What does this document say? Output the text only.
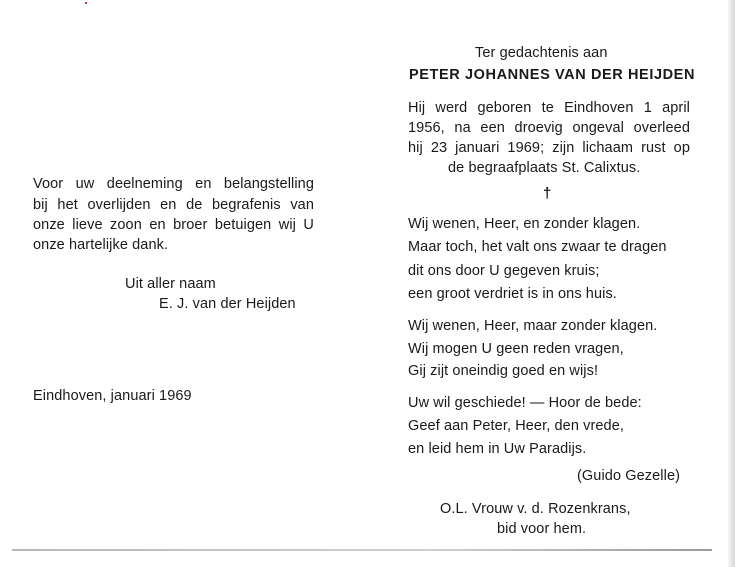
Voor uw deelneming en belangstelling
bij het overlijden en de begrafenis van
onze lieve zoon en broer betuigen wij U
onze hartelijke dank.
Uit aller naam
E. J. van der Heijden
Eindhoven, januari 1969
Ter gedachtenis aan
PETER JOHANNES VAN DER HEIJDEN
Hij werd geboren te Eindhoven 1 april
1956, na een droevig ongeval overleed
hij 23 januari 1969; zijn lichaam rust op
de begraafplaats St. Calixtus.
†
Wij wenen, Heer, en zonder klagen.
Maar toch, het valt ons zwaar te dragen
dit ons door U gegeven kruis;
een groot verdriet is in ons huis.
Wij wenen, Heer, maar zonder klagen.
Wij mogen U geen reden vragen,
Gij zijt oneindig goed en wijs!
Uw wil geschiede! — Hoor de bede:
Geef aan Peter, Heer, den vrede,
en leid hem in Uw Paradijs.
(Guido Gezelle)
O.L. Vrouw v. d. Rozenkrans,
bid voor hem.
